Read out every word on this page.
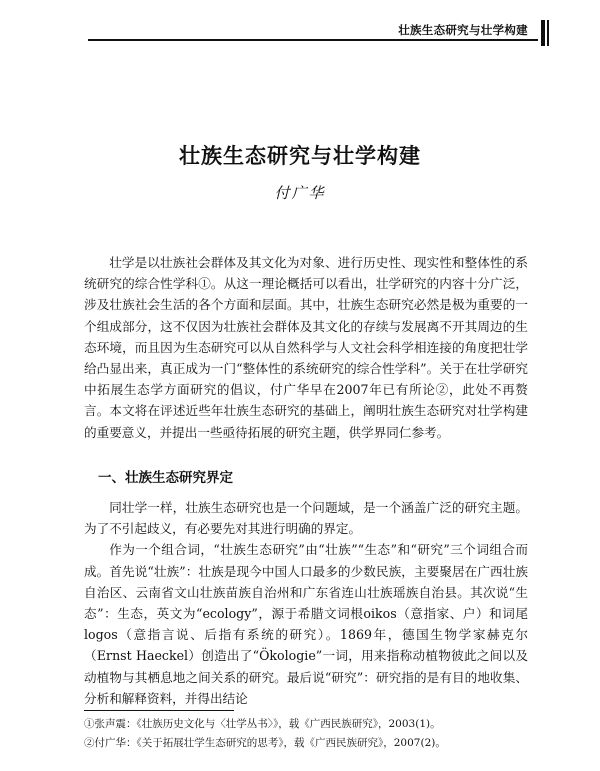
壮族生态研究与壮学构建
壮族生态研究与壮学构建
付广华

壮学是以壮族社会群体及其文化为对象、进行历史性、现实性和整体性的系统研究的综合性学科①。从这一理论概括可以看出，壮学研究的内容十分广泛，涉及壮族社会生活的各个方面和层面。其中，壮族生态研究必然是极为重要的一个组成部分，这不仅因为壮族社会群体及其文化的存续与发展离不开其周边的生态环境，而且因为生态研究可以从自然科学与人文社会科学相连接的角度把壮学给凸显出来，真正成为一门“整体性的系统研究的综合性学科”。关于在壮学研究中拓展生态学方面研究的倡议，付广华早在2007年已有所论②，此处不再赘言。本文将在评述近些年壮族生态研究的基础上，阐明壮族生态研究对壮学构建的重要意义，并提出一些亟待拓展的研究主题，供学界同仁参考。

一、壮族生态研究界定

同壮学一样，壮族生态研究也是一个问题域，是一个涵盖广泛的研究主题。为了不引起歧义，有必要先对其进行明确的界定。

作为一个组合词，“壮族生态研究”由“壮族”“生态”和“研究”三个词组合而成。首先说“壮族”：壮族是现今中国人口最多的少数民族，主要聚居在广西壮族自治区、云南省文山壮族苗族自治州和广东省连山壮族瑶族自治县。其次说“生态”：生态，英文为“ecology”，源于希腊文词根oikos（意指家、户）和词尾logos（意指言说、后指有系统的研究）。1869年，德国生物学家赫克尔（Ernst Haeckel）创造出了“Ökologie”一词，用来指称动植物彼此之间以及动植物与其栖息地之间关系的研究。最后说“研究”：研究指的是有目的地收集、分析和解释资料，并得出结论

①张声震：《壮族历史文化与〈壮学丛书〉》，载《广西民族研究》，2003(1)。
②付广华：《关于拓展壮学生态研究的思考》，载《广西民族研究》，2007(2)。
